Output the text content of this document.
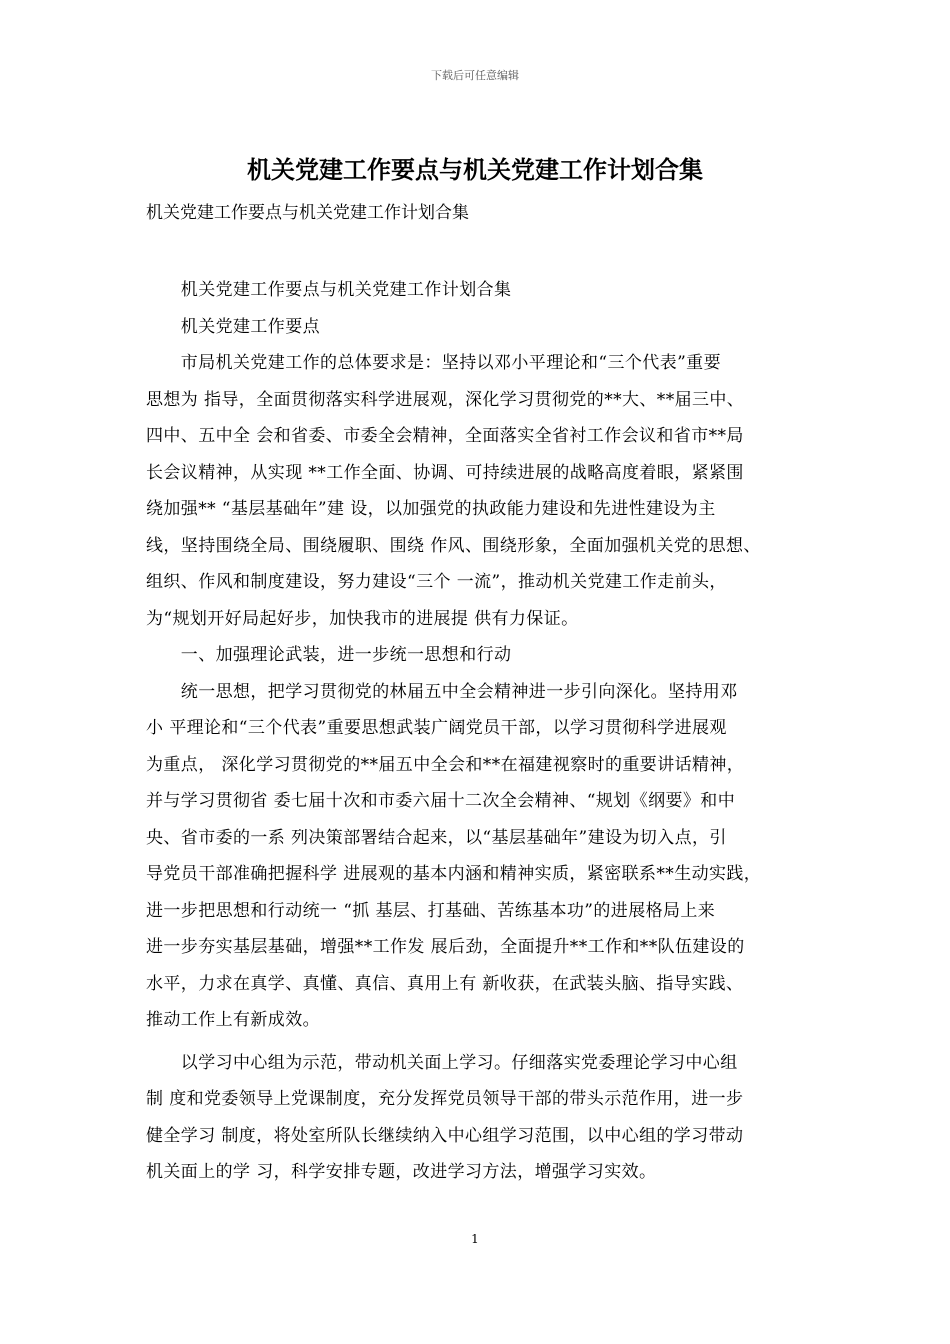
下载后可任意编辑
机关党建工作要点与机关党建工作计划合集
机关党建工作要点与机关党建工作计划合集
　　机关党建工作要点与机关党建工作计划合集
　　机关党建工作要点
　　市局机关党建工作的总体要求是：坚持以邓小平理论和“三个代表”重要
思想为 指导，全面贯彻落实科学进展观，深化学习贯彻党的**大、**届三中、
四中、五中全 会和省委、市委全会精神，全面落实全省衬工作会议和省市**局
长会议精神，从实现 **工作全面、协调、可持续进展的战略高度着眼，紧紧围
绕加强** “基层基础年”建 设，以加强党的执政能力建设和先进性建设为主
线，坚持围绕全局、围绕履职、围绕 作风、围绕形象，全面加强机关党的思想、
组织、作风和制度建设，努力建设“三个 一流”，推动机关党建工作走前头，
为“规划开好局起好步，加快我市的进展提 供有力保证。
　　一、加强理论武装，进一步统一思想和行动
　　统一思想，把学习贯彻党的林届五中全会精神进一步引向深化。坚持用邓
小 平理论和“三个代表”重要思想武装广阔党员干部，以学习贯彻科学进展观
为重点， 深化学习贯彻党的**届五中全会和**在福建视察时的重要讲话精神，
并与学习贯彻省 委七届十次和市委六届十二次全会精神、“规划《纲要》和中
央、省市委的一系 列决策部署结合起来，以“基层基础年”建设为切入点，引
导党员干部准确把握科学 进展观的基本内涵和精神实质，紧密联系**生动实践，
进一步把思想和行动统一 “抓 基层、打基础、苦练基本功”的进展格局上来
进一步夯实基层基础，增强**工作发 展后劲，全面提升**工作和**队伍建设的
水平，力求在真学、真懂、真信、真用上有 新收获，在武装头脑、指导实践、
推动工作上有新成效。
　　以学习中心组为示范，带动机关面上学习。仔细落实党委理论学习中心组
制 度和党委领导上党课制度，充分发挥党员领导干部的带头示范作用，进一步
健全学习 制度，将处室所队长继续纳入中心组学习范围，以中心组的学习带动
机关面上的学 习，科学安排专题，改进学习方法，增强学习实效。
1
